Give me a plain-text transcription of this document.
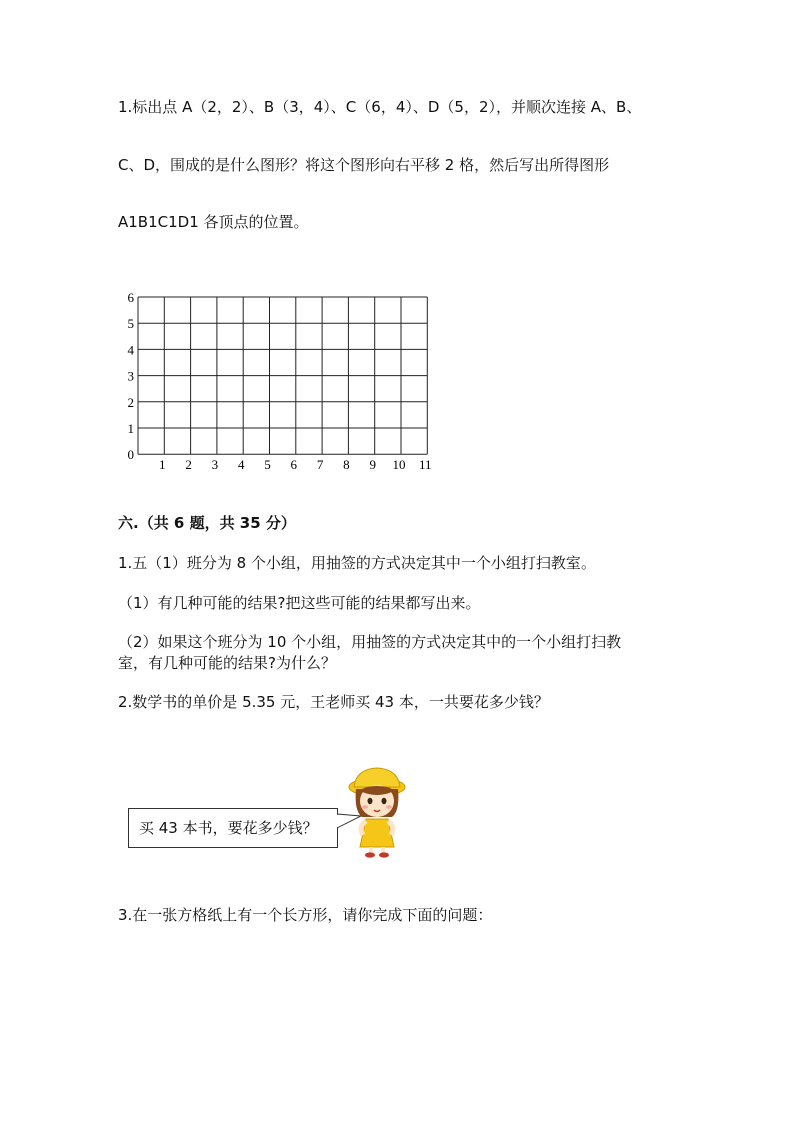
1.标出点 A（2，2）、B（3，4）、C（6，4）、D（5，2），并顺次连接 A、B、
C、D，围成的是什么图形？将这个图形向右平移 2 格，然后写出所得图形
A1B1C1D1 各顶点的位置。
1 2 3 4 5 6 7 8 9 10 11
0
1
2
3
4
5
6
六.（共 6 题，共 35 分）
1.五（1）班分为 8 个小组，用抽签的方式决定其中一个小组打扫教室。
（1）有几种可能的结果?把这些可能的结果都写出来。
（2）如果这个班分为 10 个小组，用抽签的方式决定其中的一个小组打扫教
室，有几种可能的结果?为什么？
2.数学书的单价是 5.35 元，王老师买 43 本，一共要花多少钱？
买 43 本书，要花多少钱？
3.在一张方格纸上有一个长方形，请你完成下面的问题：
